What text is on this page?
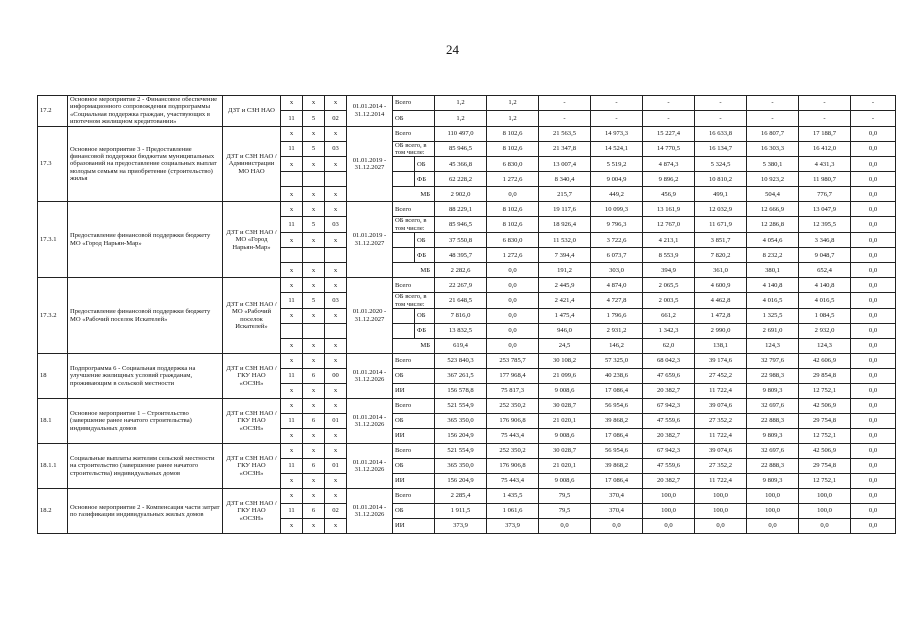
24
17.2	Основное мероприятие 2 - Финансовое обеспечение информационного сопровождения подпрограммы «Социальная поддержка граждан, участвующих в ипотечном жилищном кредитовании»	ДЗТ и СЗН НАО	x	x	x	01.01.2014 - 31.12.2014	Всего		1,2	1,2	-	-	-	-	-	-	-
			11	5	02		ОБ		1,2	1,2	-	-	-	-	-	-	-
17.3	Основное мероприятие 3 - Предоставление финансовой поддержки бюджетам муниципальных образований на предоставление социальных выплат молодым семьям на приобретение (строительство) жилья	ДЗТ и СЗН НАО / Администрации МО НАО	x	x	x	01.01.2019 - 31.12.2027	Всего		110 497,0	8 102,6	21 563,5	14 973,3	15 227,4	16 633,8	16 807,7	17 188,7	0,0
			11	5	03		ОБ всего, в том числе:		85 946,5	8 102,6	21 347,8	14 524,1	14 770,5	16 134,7	16 303,3	16 412,0	0,0
			x	x	x			ОБ	45 366,8	6 830,0	13 007,4	5 519,2	4 874,3	5 324,5	5 380,1	4 431,3	0,0
								ФБ	62 228,2	1 272,6	8 340,4	9 004,9	9 896,2	10 810,2	10 923,2	11 980,7	0,0
			x	x	x		МБ		2 902,0	0,0	215,7	449,2	456,9	499,1	504,4	776,7	0,0
17.3.1	Предоставление финансовой поддержки бюджету МО «Город Нарьян-Мар»	ДЗТ и СЗН НАО / МО «Город Нарьян-Мар»	x	x	x	01.01.2019 - 31.12.2027	Всего		88 229,1	8 102,6	19 117,6	10 099,3	13 161,9	12 032,9	12 666,9	13 047,9	0,0
			11	5	03		ОБ всего, в том числе:		85 946,5	8 102,6	18 926,4	9 796,3	12 767,0	11 671,9	12 286,8	12 395,5	0,0
			x	x	x			ОБ	37 550,8	6 830,0	11 532,0	3 722,6	4 213,1	3 851,7	4 054,6	3 346,8	0,0
								ФБ	48 395,7	1 272,6	7 394,4	6 073,7	8 553,9	7 820,2	8 232,2	9 048,7	0,0
			x	x	x		МБ		2 282,6	0,0	191,2	303,0	394,9	361,0	380,1	652,4	0,0
17.3.2	Предоставление финансовой поддержки бюджету МО «Рабочий поселок Искателей»	ДЗТ и СЗН НАО / МО «Рабочий поселок Искателей»	x	x	x	01.01.2020 - 31.12.2027	Всего		22 267,9	0,0	2 445,9	4 874,0	2 065,5	4 600,9	4 140,8	4 140,8	0,0
			11	5	03		ОБ всего, в том числе:		21 648,5	0,0	2 421,4	4 727,8	2 003,5	4 462,8	4 016,5	4 016,5	0,0
			x	x	x			ОБ	7 816,0	0,0	1 475,4	1 796,6	661,2	1 472,8	1 325,5	1 084,5	0,0
								ФБ	13 832,5	0,0	946,0	2 931,2	1 342,3	2 990,0	2 691,0	2 932,0	0,0
			x	x	x		МБ		619,4	0,0	24,5	146,2	62,0	138,1	124,3	124,3	0,0
18	Подпрограмма 6 - Социальная поддержка на улучшение жилищных условий гражданам, проживающим в сельской местности	ДЗТ и СЗН НАО / ГКУ НАО «ОСЗН»	x	x	x	01.01.2014 - 31.12.2026	Всего		523 840,3	253 785,7	30 108,2	57 325,0	68 042,3	39 174,6	32 797,6	42 606,9	0,0
			11	6	00		ОБ		367 261,5	177 968,4	21 099,6	40 238,6	47 659,6	27 452,2	22 988,3	29 854,8	0,0
			x	x	x		ИИ		156 578,8	75 817,3	9 008,6	17 086,4	20 382,7	11 722,4	9 809,3	12 752,1	0,0
18.1	Основное мероприятие 1 – Строительство (завершение ранее начатого строительства) индивидуальных домов	ДЗТ и СЗН НАО / ГКУ НАО «ОСЗН»	x	x	x	01.01.2014 - 31.12.2026	Всего		521 554,9	252 350,2	30 028,7	56 954,6	67 942,3	39 074,6	32 697,6	42 506,9	0,0
			11	6	01		ОБ		365 350,0	176 906,8	21 020,1	39 868,2	47 559,6	27 352,2	22 888,3	29 754,8	0,0
			x	x	x		ИИ		156 204,9	75 443,4	9 008,6	17 086,4	20 382,7	11 722,4	9 809,3	12 752,1	0,0
18.1.1	Социальные выплаты жителям сельской местности на строительство (завершение ранее начатого строительства) индивидуальных домов	ДЗТ и СЗН НАО / ГКУ НАО «ОСЗН»	x	x	x	01.01.2014 - 31.12.2026	Всего		521 554,9	252 350,2	30 028,7	56 954,6	67 942,3	39 074,6	32 697,6	42 506,9	0,0
			11	6	01		ОБ		365 350,0	176 906,8	21 020,1	39 868,2	47 559,6	27 352,2	22 888,3	29 754,8	0,0
			x	x	x		ИИ		156 204,9	75 443,4	9 008,6	17 086,4	20 382,7	11 722,4	9 809,3	12 752,1	0,0
18.2	Основное мероприятие 2 - Компенсация части затрат по газификации индивидуальных жилых домов	ДЗТ и СЗН НАО / ГКУ НАО «ОСЗН»	x	x	x	01.01.2014 - 31.12.2026	Всего		2 285,4	1 435,5	79,5	370,4	100,0	100,0	100,0	100,0	0,0
			11	6	02		ОБ		1 911,5	1 061,6	79,5	370,4	100,0	100,0	100,0	100,0	0,0
			x	x	x		ИИ		373,9	373,9	0,0	0,0	0,0	0,0	0,0	0,0	0,0
